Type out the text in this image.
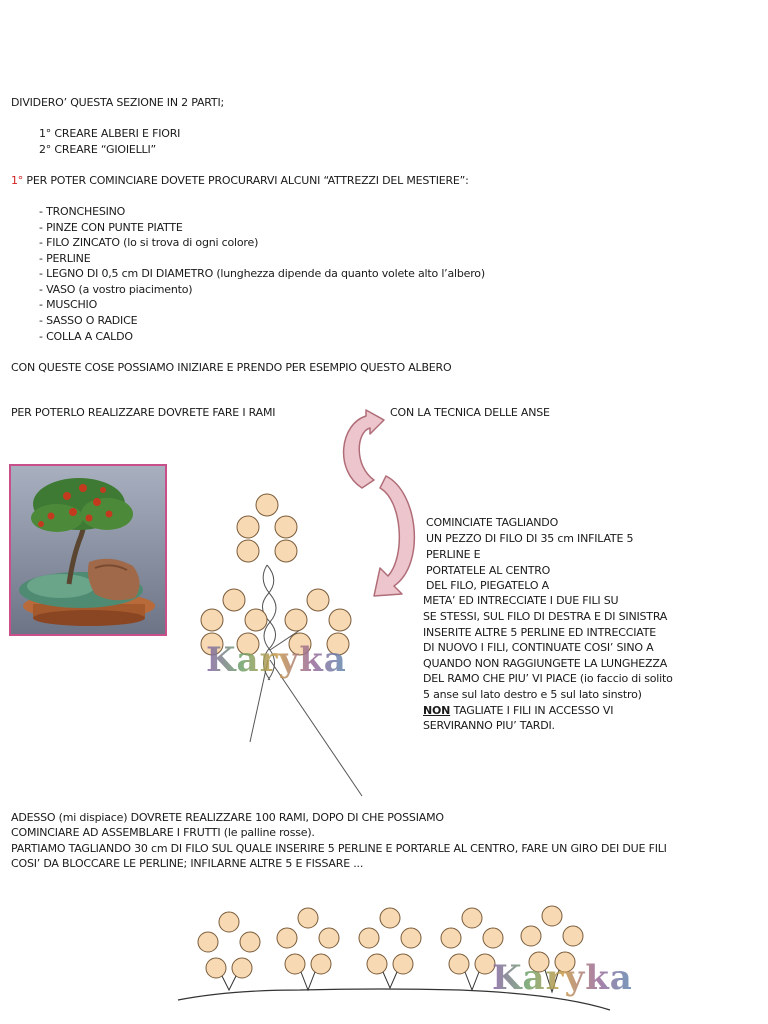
DIVIDERO’ QUESTA SEZIONE IN 2 PARTI;
1° CREARE ALBERI E FIORI
2° CREARE “GIOIELLI”
1° PER POTER COMINCIARE DOVETE PROCURARVI ALCUNI “ATTREZZI DEL MESTIERE”:
- TRONCHESINO
- PINZE CON PUNTE PIATTE
- FILO ZINCATO (lo si trova di ogni colore)
- PERLINE
- LEGNO DI 0,5 cm DI DIAMETRO (lunghezza dipende da quanto volete alto l’albero)
- VASO (a vostro piacimento)
- MUSCHIO
- SASSO O RADICE
- COLLA A CALDO
CON QUESTE COSE POSSIAMO INIZIARE E PRENDO PER ESEMPIO QUESTO ALBERO
PER POTERLO REALIZZARE DOVRETE FARE I RAMI	CON LA TECNICA DELLE ANSE
Karyka
Karyka
COMINCIATE TAGLIANDO
UN PEZZO DI FILO DI 35 cm INFILATE 5
PERLINE E
PORTATELE AL CENTRO
DEL FILO, PIEGATELO A
META’ ED INTRECCIATE I DUE FILI SU
SE STESSI, SUL FILO DI DESTRA E DI SINISTRA
INSERITE ALTRE 5 PERLINE ED INTRECCIATE
DI NUOVO I FILI, CONTINUATE COSI’ SINO A
QUANDO NON RAGGIUNGETE LA LUNGHEZZA
DEL RAMO CHE PIU’ VI PIACE (io faccio di solito
5 anse sul lato destro e 5 sul lato sinstro)
NON TAGLIATE I FILI IN ACCESSO VI
SERVIRANNO PIU’ TARDI.
ADESSO (mi dispiace) DOVRETE REALIZZARE 100 RAMI, DOPO DI CHE POSSIAMO
COMINCIARE AD ASSEMBLARE I FRUTTI (le palline rosse).
PARTIAMO TAGLIANDO 30 cm DI FILO SUL QUALE INSERIRE 5 PERLINE E PORTARLE AL CENTRO, FARE UN GIRO DEI DUE FILI
COSI’ DA BLOCCARE LE PERLINE; INFILARNE ALTRE 5 E FISSARE ...
